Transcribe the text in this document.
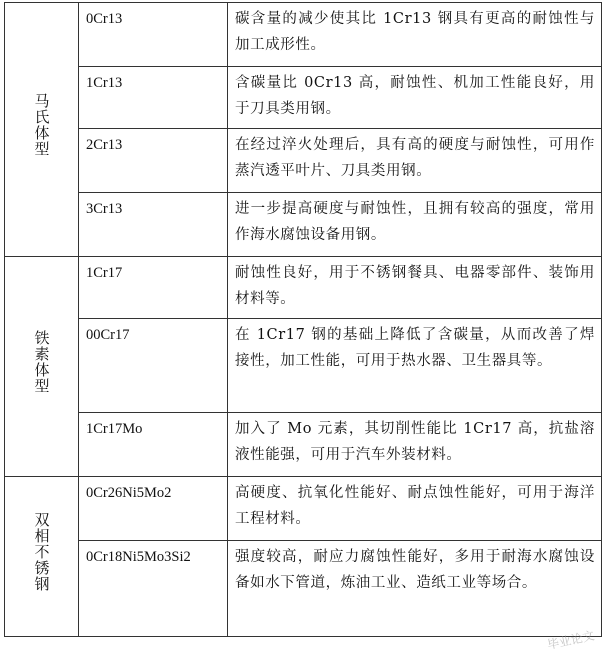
马氏体型	0Cr13	碳含量的减少使其比 1Cr13 钢具有更高的耐蚀性与加工成形性。
	1Cr13	含碳量比 0Cr13 高，耐蚀性、机加工性能良好，用于刀具类用钢。
	2Cr13	在经过淬火处理后，具有高的硬度与耐蚀性，可用作蒸汽透平叶片、刀具类用钢。
	3Cr13	进一步提高硬度与耐蚀性，且拥有较高的强度，常用作海水腐蚀设备用钢。
铁素体型	1Cr17	耐蚀性良好，用于不锈钢餐具、电器零部件、装饰用材料等。
	00Cr17	在 1Cr17 钢的基础上降低了含碳量，从而改善了焊接性，加工性能，可用于热水器、卫生器具等。
	1Cr17Mo	加入了 Mo 元素，其切削性能比 1Cr17 高，抗盐溶液性能强，可用于汽车外装材料。
双相不锈钢	0Cr26Ni5Mo2	高硬度、抗氧化性能好、耐点蚀性能好，可用于海洋工程材料。
	0Cr18Ni5Mo3Si2	强度较高，耐应力腐蚀性能好，多用于耐海水腐蚀设备如水下管道，炼油工业、造纸工业等场合。
毕业论文
